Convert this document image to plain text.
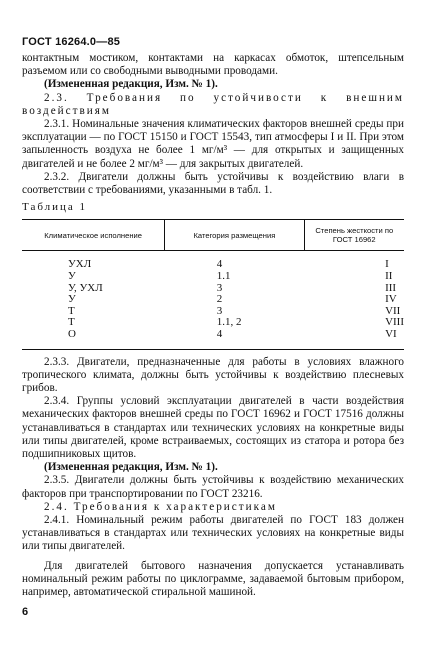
ГОСТ 16264.0—85

контактным мостиком, контактами на каркасах обмоток, штепсельным разъемом или со свободными выводными проводами.

(Измененная редакция, Изм. № 1).

2.3. Требования по устойчивости к внешним воздействиям

2.3.1. Номинальные значения климатических факторов внешней среды при эксплуатации — по ГОСТ 15150 и ГОСТ 15543, тип атмосферы I и II. При этом запыленность воздуха не более 1 мг/м³ — для открытых и защищенных двигателей и не более 2 мг/м³ — для закрытых двигателей.

2.3.2. Двигатели должны быть устойчивы к воздействию влаги в соответствии с требованиями, указанными в табл. 1.

Таблица 1

Климатическое исполнение	Категория размещения	Степень жесткости по ГОСТ 16962
УХЛ	4	I
У	1.1	II
У, УХЛ	3	III
У	2	IV
Т	3	VII
Т	1.1, 2	VIII
О	4	VI

2.3.3. Двигатели, предназначенные для работы в условиях влажного тропического климата, должны быть устойчивы к воздействию плесневых грибов.

2.3.4. Группы условий эксплуатации двигателей в части воздействия механических факторов внешней среды по ГОСТ 16962 и ГОСТ 17516 должны устанавливаться в стандартах или технических условиях на конкретные виды или типы двигателей, кроме встраиваемых, состоящих из статора и ротора без подшипниковых щитов.

(Измененная редакция, Изм. № 1).

2.3.5. Двигатели должны быть устойчивы к воздействию механических факторов при транспортировании по ГОСТ 23216.

2.4. Требования к характеристикам

2.4.1. Номинальный режим работы двигателей по ГОСТ 183 должен устанавливаться в стандартах или технических условиях на конкретные виды или типы двигателей.

Для двигателей бытового назначения допускается устанавливать номинальный режим работы по циклограмме, задаваемой бытовым прибором, например, автоматической стиральной машиной.

6
